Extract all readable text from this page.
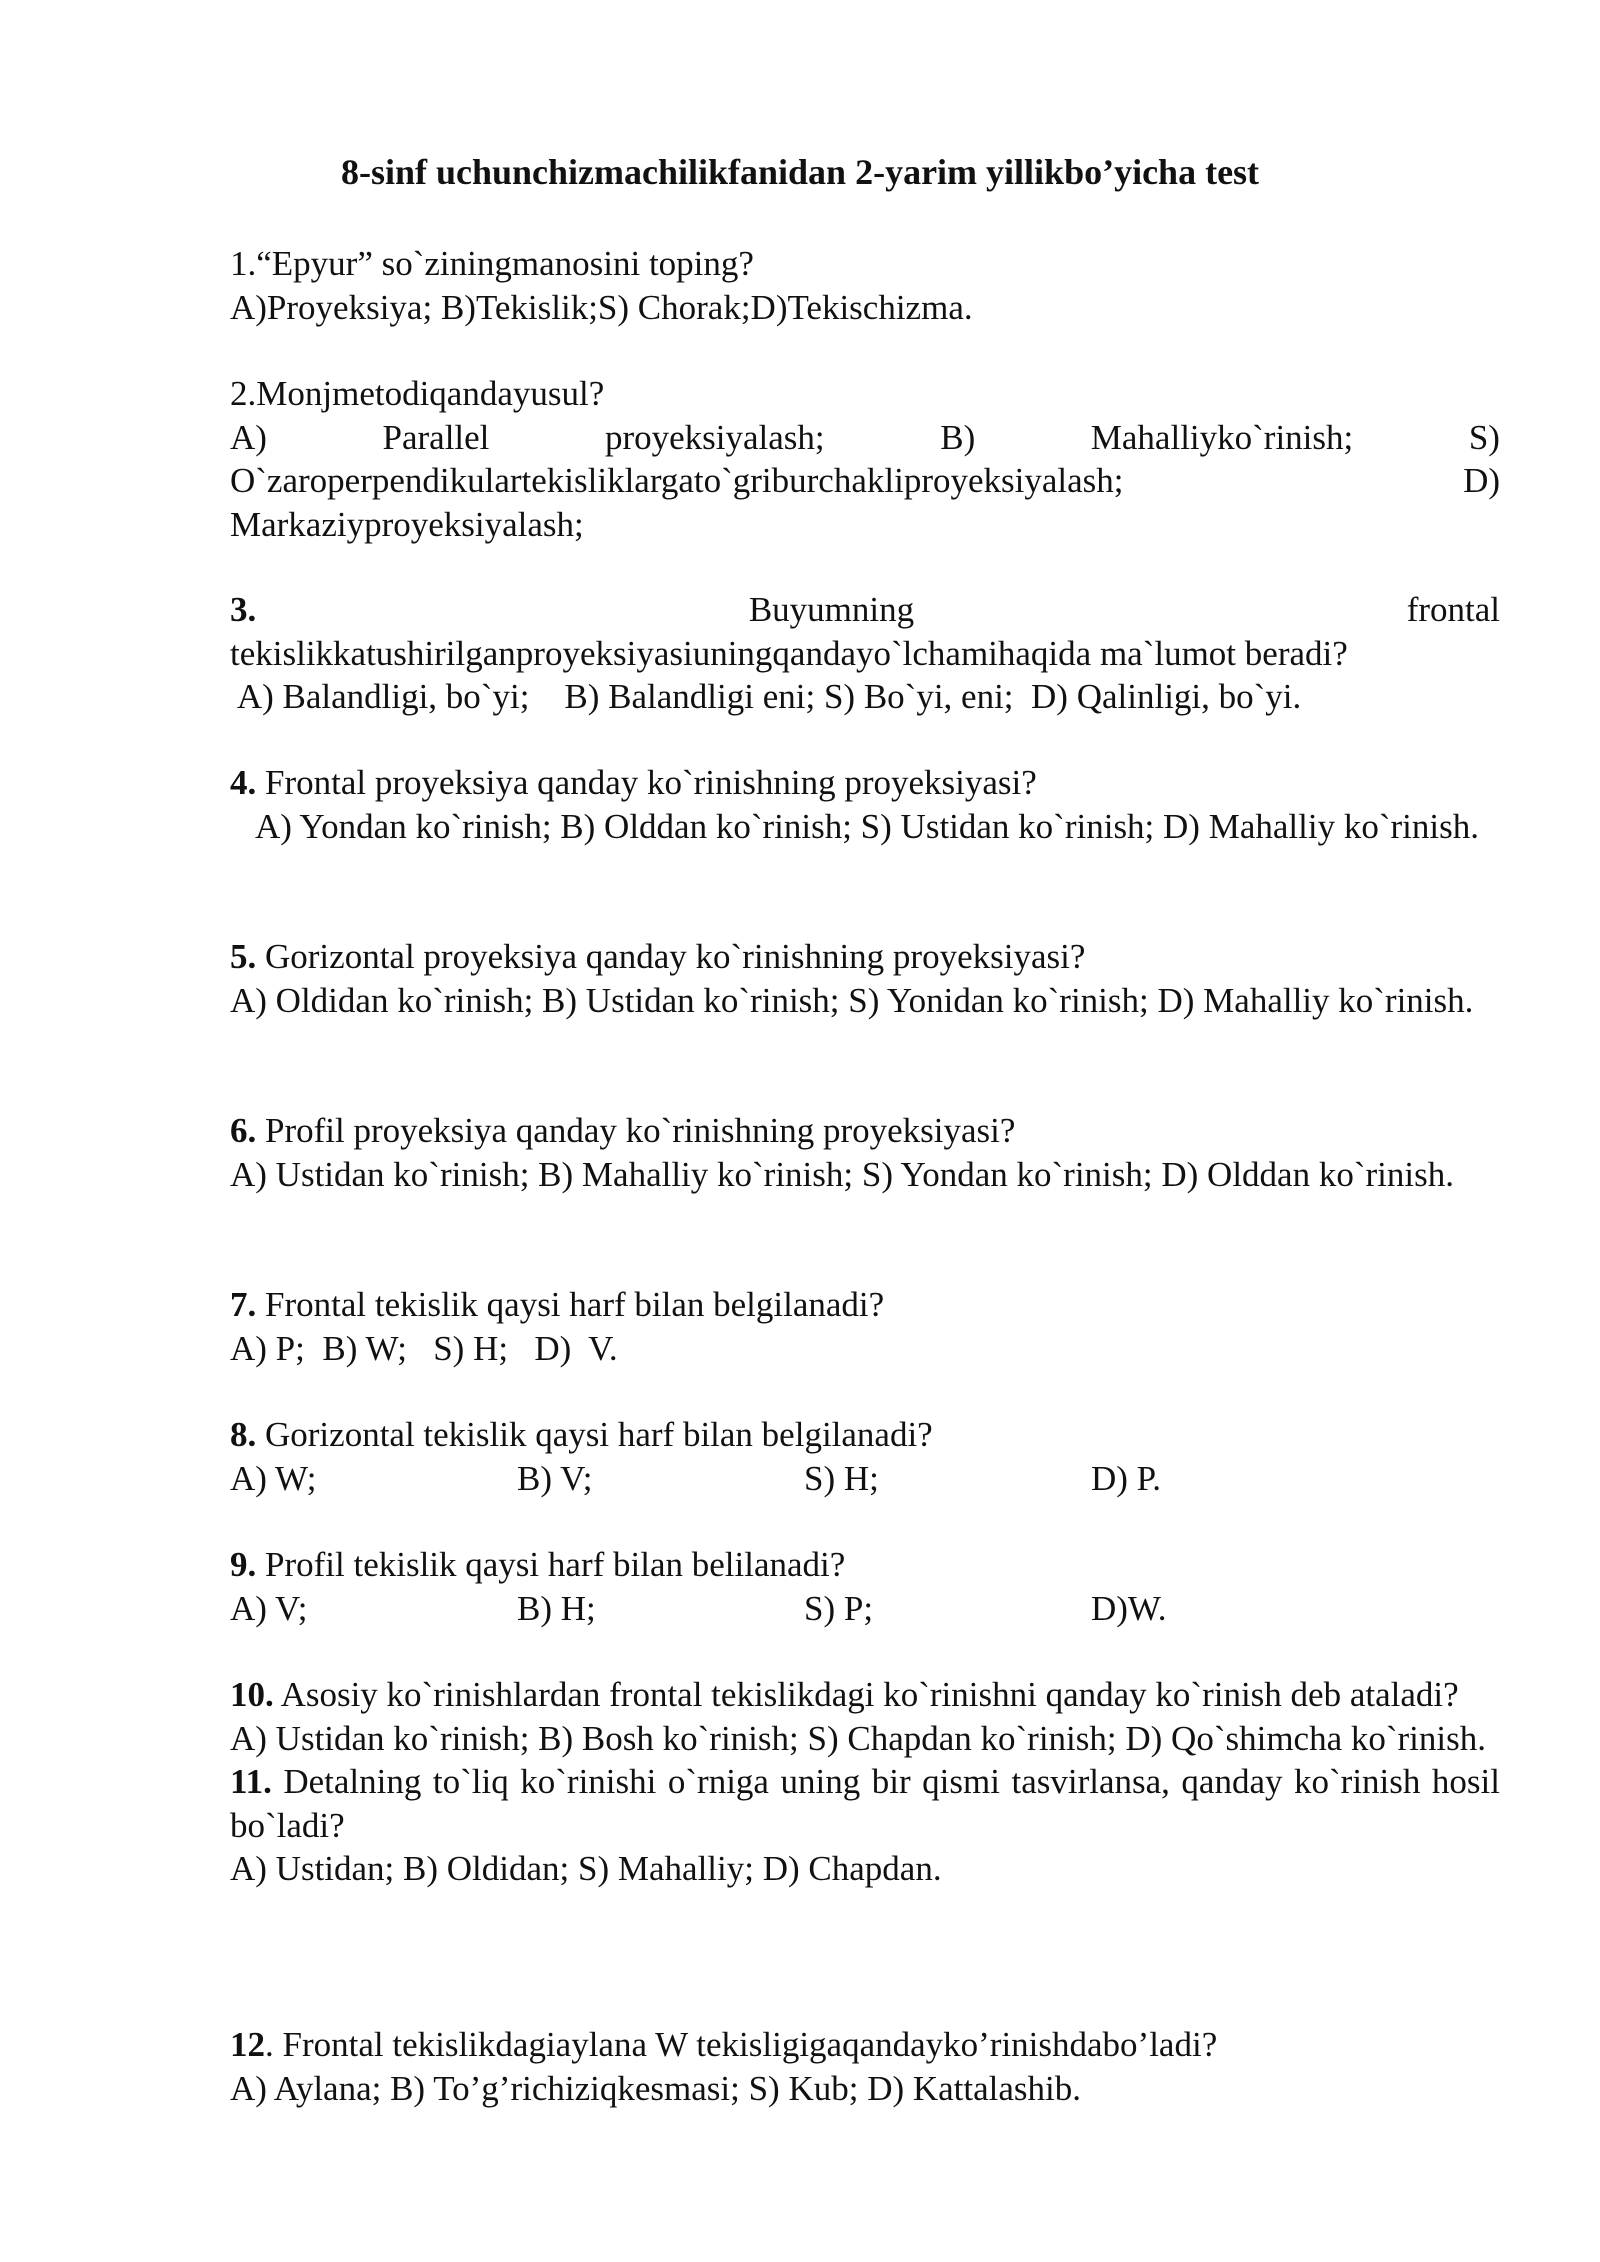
8-sinf uchunchizmachilikfanidan 2-yarim yillikbo’yicha test
1.“Epyur” so`ziningmanosini toping?
A)Proyeksiya; B)Tekislik;S) Chorak;D)Tekischizma.
2.Monjmetodiqandayusul?
A)	Parallel	proyeksiyalash;	B)	Mahalliyko`rinish;	S)
O`zaroperpendikulartekisliklargato`griburchakliproyeksiyalash;	D)
Markaziyproyeksiyalash;
3.	Buyumning	frontal
tekislikkatushirilganproyeksiyasiuningqandayo`lchamihaqida ma`lumot beradi?
A) Balandligi, bo`yi;    B) Balandligi eni; S) Bo`yi, eni;  D) Qalinligi, bo`yi.
4. Frontal proyeksiya qanday ko`rinishning proyeksiyasi?
A) Yondan ko`rinish; B) Olddan ko`rinish; S) Ustidan ko`rinish; D) Mahalliy ko`rinish.
5. Gorizontal proyeksiya qanday ko`rinishning proyeksiyasi?
A) Oldidan ko`rinish; B) Ustidan ko`rinish; S) Yonidan ko`rinish; D) Mahalliy ko`rinish.
6. Profil proyeksiya qanday ko`rinishning proyeksiyasi?
A) Ustidan ko`rinish; B) Mahalliy ko`rinish; S) Yondan ko`rinish; D) Olddan ko`rinish.
7. Frontal tekislik qaysi harf bilan belgilanadi?
A) P;  B) W;   S) H;   D)  V.
8. Gorizontal tekislik qaysi harf bilan belgilanadi?
A) W;	B) V;	S) H;	D) P.
9. Profil tekislik qaysi harf bilan belilanadi?
A) V;	B) H;	S) P;	D)W.
10. Asosiy ko`rinishlardan frontal tekislikdagi ko`rinishni qanday ko`rinish deb ataladi?
A) Ustidan ko`rinish; B) Bosh ko`rinish; S) Chapdan ko`rinish; D) Qo`shimcha ko`rinish.
11. Detalning to`liq ko`rinishi o`rniga uning bir qismi tasvirlansa, qanday ko`rinish hosil bo`ladi?
A) Ustidan; B) Oldidan; S) Mahalliy; D) Chapdan.
12. Frontal tekislikdagiaylana W tekisligigaqandayko’rinishdabo’ladi?
A) Aylana; B) To’g’richiziqkesmasi; S) Kub; D) Kattalashib.
